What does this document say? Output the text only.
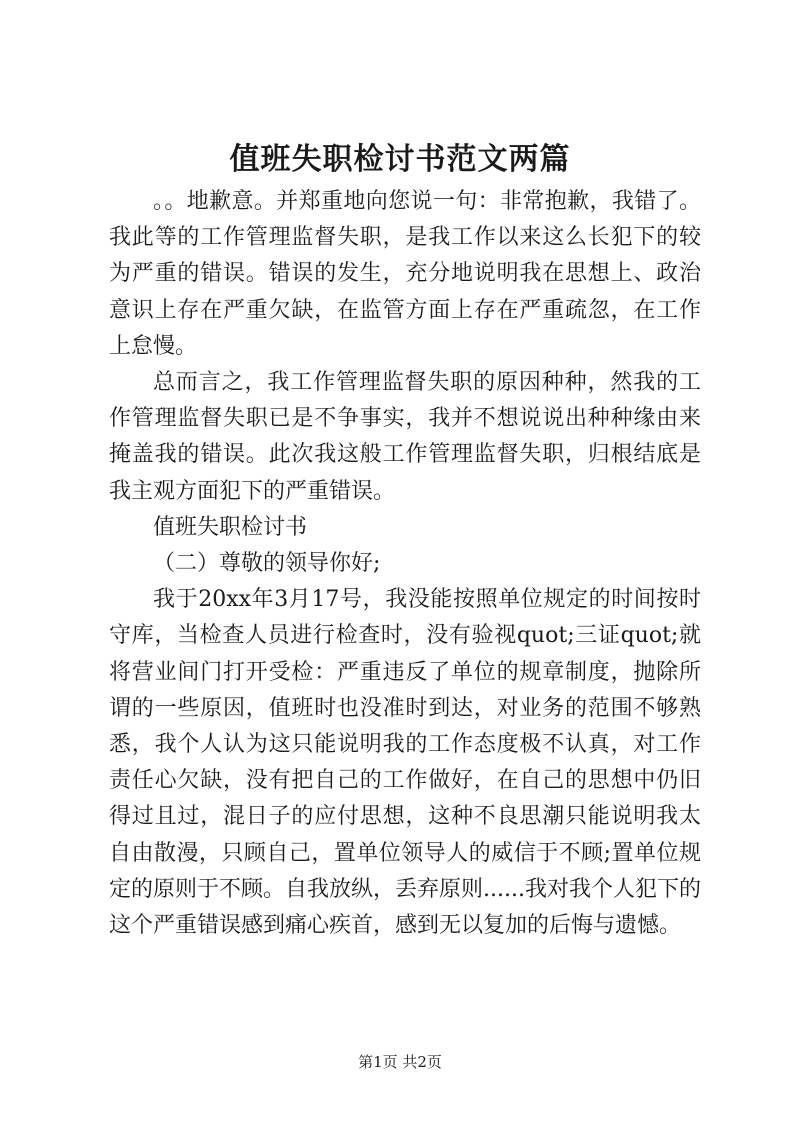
值班失职检讨书范文两篇

。。地歉意。并郑重地向您说一句：非常抱歉，我错了。我此等的工作管理监督失职，是我工作以来这么长犯下的较为严重的错误。错误的发生，充分地说明我在思想上、政治意识上存在严重欠缺，在监管方面上存在严重疏忽，在工作上怠慢。

总而言之，我工作管理监督失职的原因种种，然我的工作管理监督失职已是不争事实，我并不想说说出种种缘由来掩盖我的错误。此次我这般工作管理监督失职，归根结底是我主观方面犯下的严重错误。

值班失职检讨书

（二）尊敬的领导你好;

我于20xx年3月17号，我没能按照单位规定的时间按时守库，当检查人员进行检查时，没有验视quot;三证quot;就将营业间门打开受检：严重违反了单位的规章制度，抛除所谓的一些原因，值班时也没准时到达，对业务的范围不够熟悉，我个人认为这只能说明我的工作态度极不认真，对工作责任心欠缺，没有把自己的工作做好，在自己的思想中仍旧得过且过，混日子的应付思想，这种不良思潮只能说明我太自由散漫，只顾自己，置单位领导人的威信于不顾;置单位规定的原则于不顾。自我放纵，丢弃原则......我对我个人犯下的这个严重错误感到痛心疾首，感到无以复加的后悔与遗憾。

第1页 共2页
